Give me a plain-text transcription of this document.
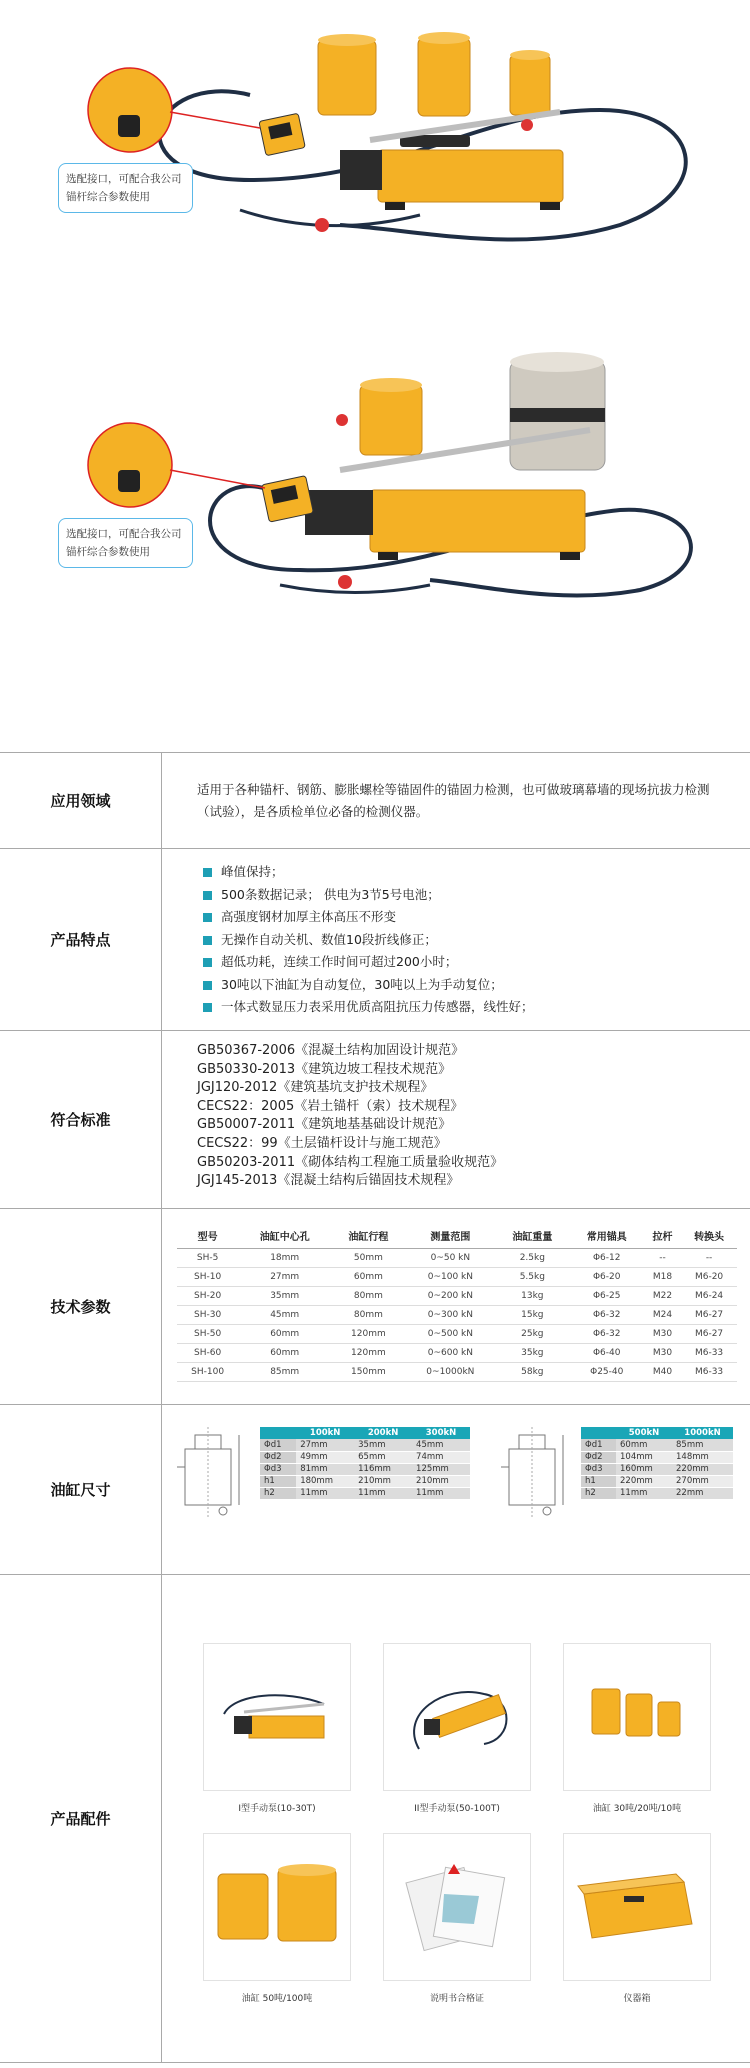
选配接口，可配合我公司
锚杆综合参数使用
选配接口，可配合我公司
锚杆综合参数使用
应用领域

适用于各种锚杆、钢筋、膨胀螺栓等锚固件的锚固力检测，也可做玻璃幕墙的现场抗拔力检测（试验），是各质检单位必备的检测仪器。

产品特点
峰值保持；
500条数据记录； 供电为3节5号电池；
高强度钢材加厚主体高压不形变
无操作自动关机、数值10段折线修正；
超低功耗，连续工作时间可超过200小时；
30吨以下油缸为自动复位，30吨以上为手动复位；
一体式数显压力表采用优质高阻抗压力传感器，线性好；
符合标准
GB50367-2006《混凝土结构加固设计规范》
GB50330-2013《建筑边坡工程技术规范》
JGJ120-2012《建筑基坑支护技术规程》
CECS22：2005《岩土锚杆（索）技术规程》
GB50007-2011《建筑地基基础设计规范》
CECS22：99《土层锚杆设计与施工规范》
GB50203-2011《砌体结构工程施工质量验收规范》
JGJ145-2013《混凝土结构后锚固技术规程》
技术参数
型号	油缸中心孔	油缸行程	测量范围	油缸重量	常用锚具	拉杆	转换头
SH-5	18mm	50mm	0~50 kN	2.5kg	Φ6-12	--	--
SH-10	27mm	60mm	0~100 kN	5.5kg	Φ6-20	M18	M6-20
SH-20	35mm	80mm	0~200 kN	13kg	Φ6-25	M22	M6-24
SH-30	45mm	80mm	0~300 kN	15kg	Φ6-32	M24	M6-27
SH-50	60mm	120mm	0~500 kN	25kg	Φ6-32	M30	M6-27
SH-60	60mm	120mm	0~600 kN	35kg	Φ6-40	M30	M6-33
SH-100	85mm	150mm	0~1000kN	58kg	Φ25-40	M40	M6-33
油缸尺寸
	100kN	200kN	300kN
Φd1	27mm	35mm	45mm
Φd2	49mm	65mm	74mm
Φd3	81mm	116mm	125mm
h1	180mm	210mm	210mm
h2	11mm	11mm	11mm
	500kN	1000kN
Φd1	60mm	85mm
Φd2	104mm	148mm
Φd3	160mm	220mm
h1	220mm	270mm
h2	11mm	22mm
产品配件
I型手动泵(10-30T)	II型手动泵(50-100T)	油缸 30吨/20吨/10吨
油缸 50吨/100吨	说明书合格证	仪器箱
